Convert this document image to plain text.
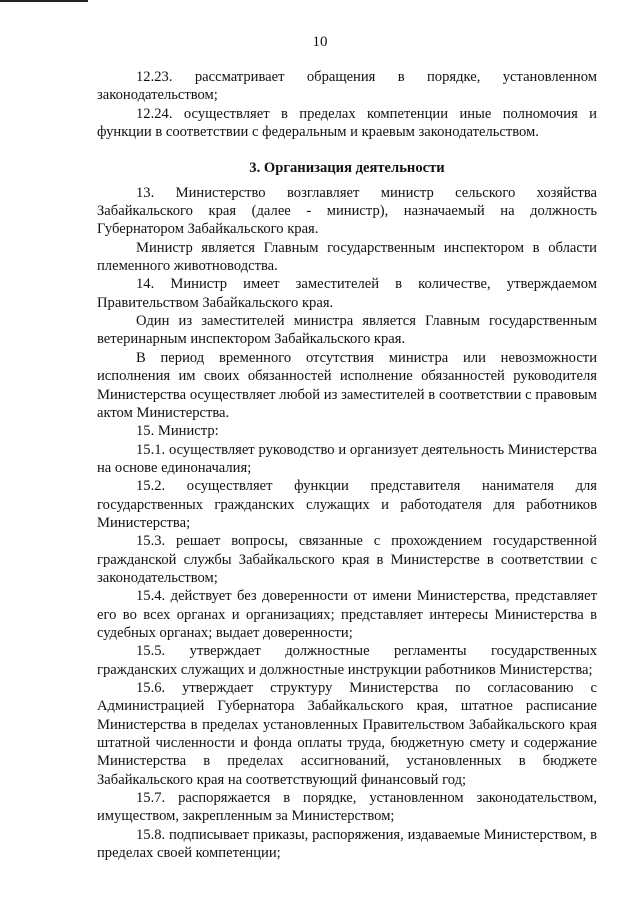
10

12.23. рассматривает обращения в порядке, установленном законодательством;

12.24. осуществляет в пределах компетенции иные полномочия и функции в соответствии с федеральным и краевым законодательством.

3. Организация деятельности

13. Министерство возглавляет министр сельского хозяйства Забайкальского края (далее - министр), назначаемый на должность Губернатором Забайкальского края.

Министр является Главным государственным инспектором в области племенного животноводства.

14. Министр имеет заместителей в количестве, утверждаемом Правительством Забайкальского края.

Один из заместителей министра является Главным государственным ветеринарным инспектором Забайкальского края.

В период временного отсутствия министра или невозможности исполнения им своих обязанностей исполнение обязанностей руководителя Министерства осуществляет любой из заместителей в соответствии с правовым актом Министерства.

15. Министр:

15.1. осуществляет руководство и организует деятельность Министерства на основе единоначалия;

15.2. осуществляет функции представителя нанимателя для государственных гражданских служащих и работодателя для работников Министерства;

15.3. решает вопросы, связанные с прохождением государственной гражданской службы Забайкальского края в Министерстве в соответствии с законодательством;

15.4. действует без доверенности от имени Министерства, представляет его во всех органах и организациях; представляет интересы Министерства в судебных органах; выдает доверенности;

15.5. утверждает должностные регламенты государственных гражданских служащих и должностные инструкции работников Министерства;

15.6. утверждает структуру Министерства по согласованию с Администрацией Губернатора Забайкальского края, штатное расписание Министерства в пределах установленных Правительством Забайкальского края штатной численности и фонда оплаты труда, бюджетную смету и содержание Министерства в пределах ассигнований, установленных в бюджете Забайкальского края на соответствующий финансовый год;

15.7. распоряжается в порядке, установленном законодательством, имуществом, закрепленным за Министерством;

15.8. подписывает приказы, распоряжения, издаваемые Министерством, в пределах своей компетенции;
